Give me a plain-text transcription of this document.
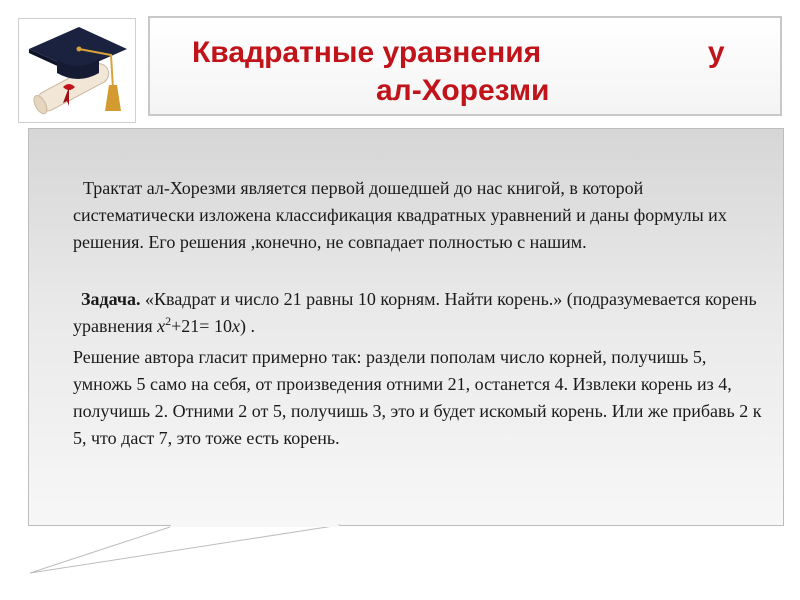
Квадратные уравнения	у
ал-Хорезми
Трактат ал-Хорезми является первой дошедшей до нас книгой, в которой систематически изложена классификация квадратных уравнений и даны формулы их решения. Его решения ,конечно, не совпадает полностью с нашим.
Задача. «Квадрат и число 21 равны 10 корням. Найти корень.» (подразумевается корень уравнения $x^2+21= 10x$) .
Решение автора гласит примерно так: раздели пополам число корней, получишь 5, умножь 5 само на себя, от произведения отними 21, останется 4. Извлеки корень из 4, получишь 2. Отними 2 от 5, получишь 3, это и будет искомый корень. Или же прибавь 2 к 5, что даст 7, это тоже есть корень.
